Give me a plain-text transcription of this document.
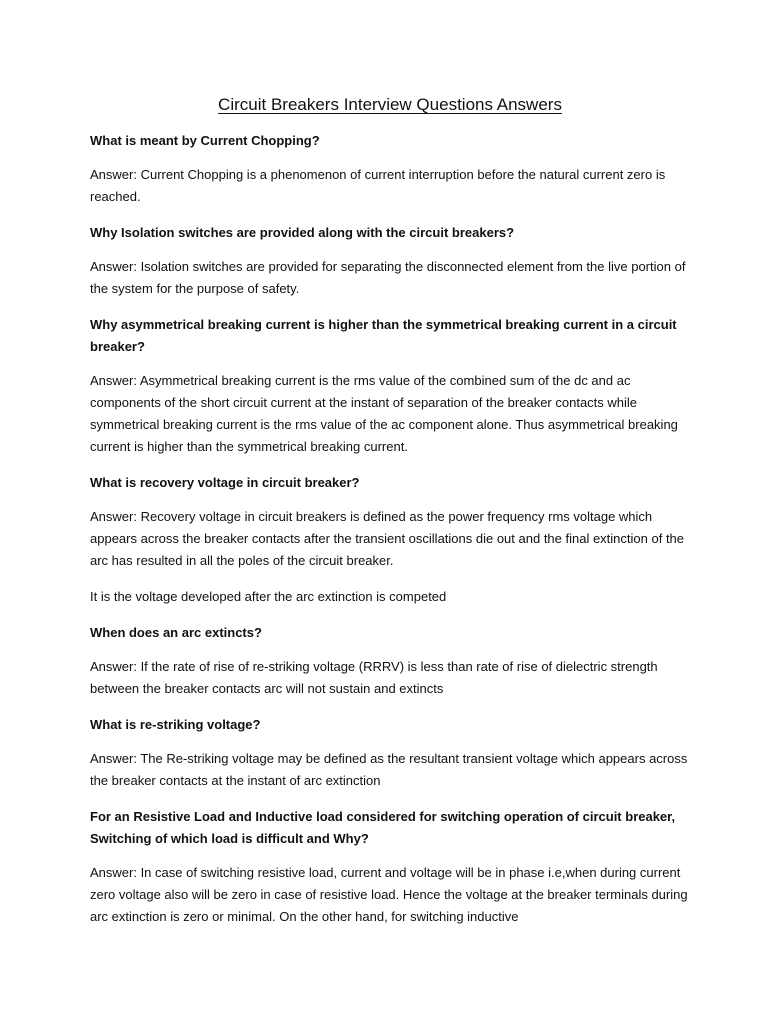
Circuit Breakers Interview Questions Answers

What is meant by Current Chopping?

Answer: Current Chopping is a phenomenon of current interruption before the natural current zero is reached.

Why Isolation switches are provided along with the circuit breakers?

Answer: Isolation switches are provided for separating the disconnected element from the live portion of the system for the purpose of safety.

Why asymmetrical breaking current is higher than the symmetrical breaking current in a circuit breaker?

Answer: Asymmetrical breaking current is the rms value of the combined sum of the dc and ac components of the short circuit current at the instant of separation of the breaker contacts while symmetrical breaking current is the rms value of the ac component alone. Thus asymmetrical breaking current is higher than the symmetrical breaking current.

What is recovery voltage in circuit breaker?

Answer: Recovery voltage in circuit breakers is defined as the power frequency rms voltage which appears across the breaker contacts after the transient oscillations die out and the final extinction of the arc has resulted in all the poles of the circuit breaker.

It is the voltage developed after the arc extinction is competed

When does an arc extincts?

Answer: If the rate of rise of re-striking voltage (RRRV) is less than rate of rise of dielectric strength between the breaker contacts arc will not sustain and extincts

What is re-striking voltage?

Answer: The Re-striking voltage may be defined as the resultant transient voltage which appears across the breaker contacts at the instant of arc extinction

For an Resistive Load and Inductive load considered for switching operation of circuit breaker, Switching of which load is difficult and Why?

Answer: In case of switching resistive load, current and voltage will be in phase i.e,when during current zero voltage also will be zero in case of resistive load. Hence the voltage at the breaker terminals during arc extinction is zero or minimal. On the other hand, for switching inductive
